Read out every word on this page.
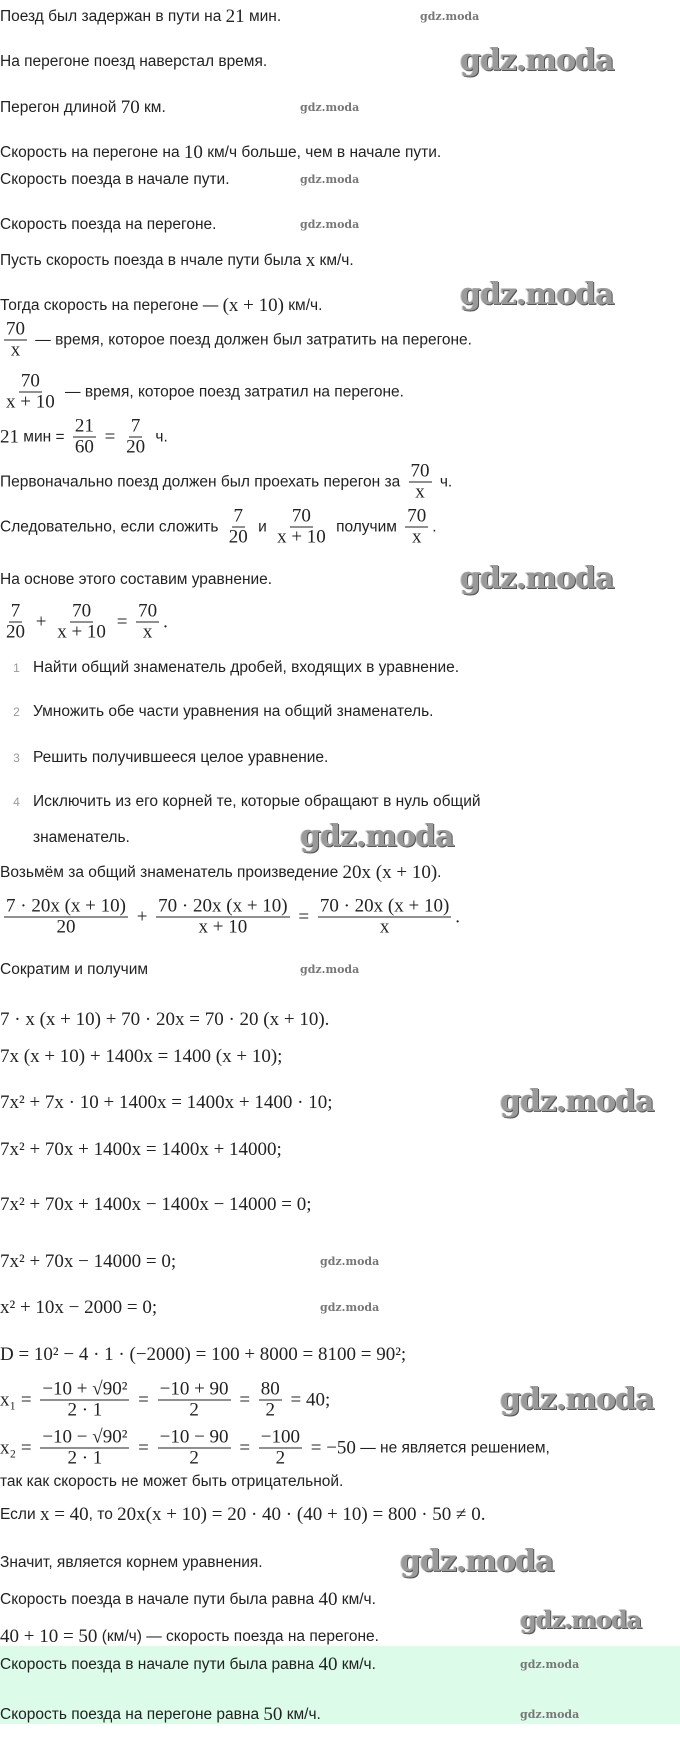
Поезд был задержан в пути на 21 мин.
На перегоне поезд наверстал время.
Перегон длиной 70 км.
Скорость на перегоне на 10 км/ч больше, чем в начале пути.
Скорость поезда в начале пути.
Скорость поезда на перегоне.
Пусть скорость поезда в нчале пути была x км/ч.
Тогда скорость на перегоне — (x + 10) км/ч.
$\frac{70}{x}$ — время, которое поезд должен был затратить на перегоне.
$\frac{70}{x + 10}$ — время, которое поезд затратил на перегоне.
21 мин = $\frac{21}{60} = \frac{7}{20} ч$.
Первоначально поезд должен был проехать перегон за $\frac{70}{x} ч$.
Следовательно, если сложить $\frac{7}{20}$ и $\frac{70}{x + 10}$ получим $\frac{70}{x}$ .
На основе этого составим уравнение.
$\frac{7}{20} + \frac{70}{x + 10} = \frac{70}{x}$ .
1 Найти общий знаменатель дробей, входящих в уравнение.
2 Умножить обе части уравнения на общий знаменатель.
3 Решить получившееся целое уравнение.
4 Исключить из его корней те, которые обращают в нуль общий
знаменатель.
Возьмём за общий знаменатель произведение 20x (x + 10) .
$\frac{7 \cdot 20x (x + 10)}{20} + \frac{70 \cdot 20x (x + 10)}{x + 10} = \frac{70 \cdot 20x (x + 10)}{x}$ .
Сократим и получим
7 · x (x + 10) + 70 · 20x = 70 · 20 (x + 10).
7x (x + 10) + 1400x = 1400 (x + 10);
7x² + 7x · 10 + 1400x = 1400x + 1400 · 10;
7x² + 70x + 1400x = 1400x + 14000;
7x² + 70x + 1400x − 1400x − 14000 = 0;
7x² + 70x − 14000 = 0;
x² + 10x − 2000 = 0;
D = 10² − 4 · 1 · (−2000) = 100 + 8000 = 8100 = 90²;
$x_1 = \frac{\text{−10 + √90²}}{2 \cdot 1} = \frac{-10 + 90}{2} = \frac{80}{2} = 40$;
$x_2 = \frac{\text{−10 − √90²}}{2 \cdot 1} = \frac{-10 - 90}{2} = \frac{-100}{2} = -50$ — не является решением,
так как скорость не может быть отрицательной.
Если x = 40 , то 20x(x + 10) = 20 · 40 · (40 + 10) = 800 · 50 ≠ 0.
Значит, является корнем уравнения.
Скорость поезда в начале пути была равна 40 км/ч.
40 + 10 = 50 (км/ч) — скорость поезда на перегоне.
Скорость поезда в начале пути была равна 40 км/ч.
Скорость поезда на перегоне равна 50 км/ч.
gdz.moda
gdz.moda
gdz.moda
gdz.moda
gdz.moda
gdz.moda
gdz.moda
gdz.moda
gdz.moda
gdz.moda
gdz.moda
gdz.moda
gdz.moda
gdz.moda
gdz.moda
gdz.moda
gdz.moda
